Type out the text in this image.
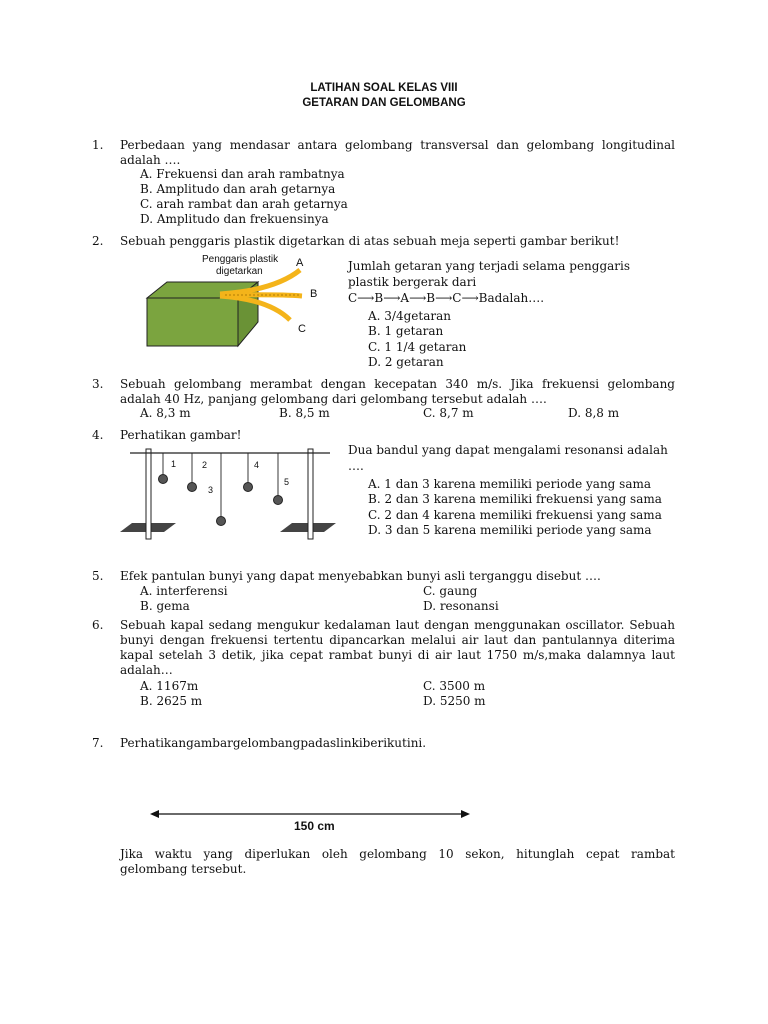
LATIHAN SOAL KELAS VIII
GETARAN DAN GELOMBANG
1.	Perbedaan yang mendasar antara gelombang transversal dan gelombang longitudinal
adalah ….
A. Frekuensi dan arah rambatnya
B. Amplitudo dan arah getarnya
C. arah rambat dan arah getarnya
D. Amplitudo dan frekuensinya
2.	Sebuah penggaris plastik digetarkan di atas sebuah meja seperti gambar berikut!
Penggaris plastik
digetarkan
A
B
C
Jumlah getaran yang terjadi selama penggaris
plastik bergerak dari
C⟶B⟶A⟶B⟶C⟶Badalah….
A. 3/4getaran
B. 1 getaran
C. 1 1/4 getaran
D. 2 getaran
3.	Sebuah gelombang merambat dengan kecepatan 340 m/s. Jika frekuensi gelombang
adalah 40 Hz, panjang gelombang dari gelombang tersebut adalah ….
A. 8,3 m	B. 8,5 m	C. 8,7 m	D. 8,8 m
4.	Perhatikan gambar!
1	2
3
4
5
Dua bandul yang dapat mengalami resonansi adalah
….
A. 1 dan 3 karena memiliki periode yang sama
B. 2 dan 3 karena memiliki frekuensi yang sama
C. 2 dan 4 karena memiliki frekuensi yang sama
D. 3 dan 5 karena memiliki periode yang sama
5.	Efek pantulan bunyi yang dapat menyebabkan bunyi asli terganggu disebut ….
A. interferensi	C. gaung
B. gema	D. resonansi
6.	Sebuah kapal sedang mengukur kedalaman laut dengan menggunakan oscillator. Sebuah
bunyi dengan frekuensi tertentu dipancarkan melalui air laut dan pantulannya diterima
kapal setelah 3 detik, jika cepat rambat bunyi di air laut 1750 m/s,maka dalamnya laut
adalah…
A. 1167m	C. 3500 m
B. 2625 m	D. 5250 m
7.	Perhatikangambargelombangpadaslinkiberikutini.
150 cm
Jika waktu yang diperlukan oleh gelombang 10 sekon, hitunglah cepat rambat
gelombang tersebut.
